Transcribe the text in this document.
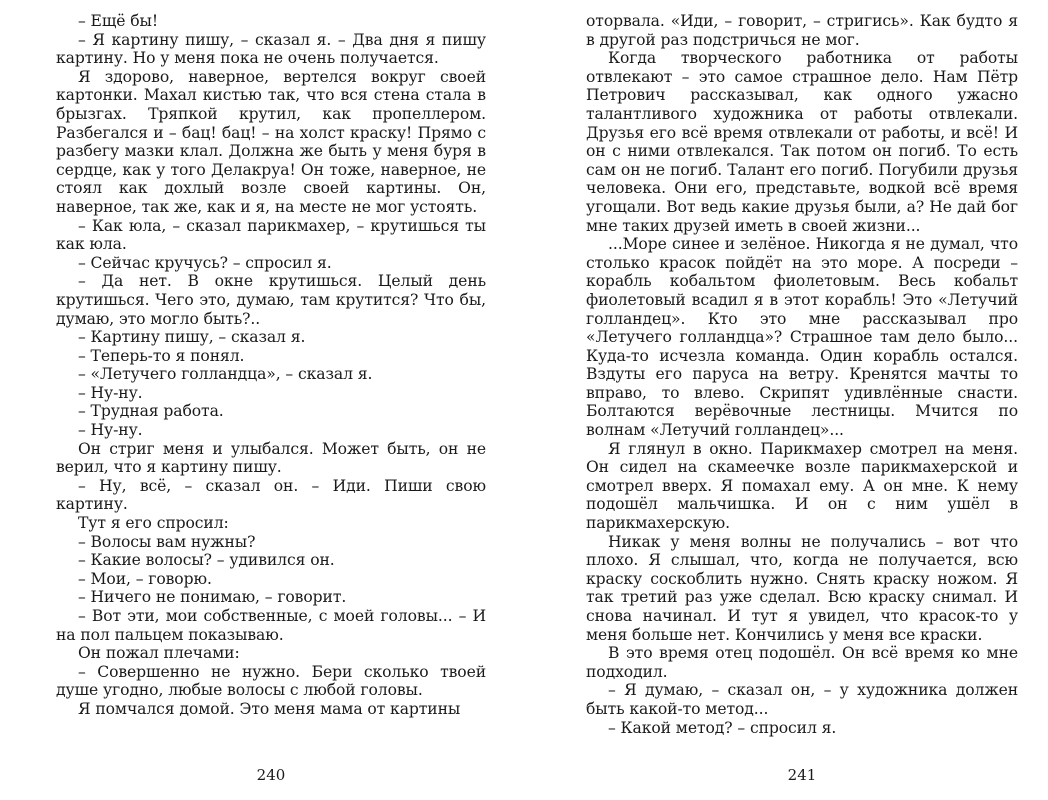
– Ещё бы!

– Я картину пишу, – сказал я. – Два дня я пишу картину. Но у меня пока не очень получается.

Я здорово, наверное, вертелся вокруг своей картонки. Махал кистью так, что вся стена стала в брызгах. Тряпкой крутил, как пропеллером. Разбегался и – бац! бац! – на холст краску! Прямо с разбегу мазки клал. Должна же быть у меня буря в сердце, как у того Делакруа! Он тоже, наверное, не стоял как дохлый возле своей картины. Он, наверное, так же, как и я, на месте не мог устоять.

– Как юла, – сказал парикмахер, – крутишься ты как юла.

– Сейчас кручусь? – спросил я.

– Да нет. В окне крутишься. Целый день крутишься. Чего это, думаю, там крутится? Что бы, думаю, это могло быть?..

– Картину пишу, – сказал я.

– Теперь-то я понял.

– «Летучего голландца», – сказал я.

– Ну-ну.

– Трудная работа.

– Ну-ну.

Он стриг меня и улыбался. Может быть, он не верил, что я картину пишу.

– Ну, всё, – сказал он. – Иди. Пиши свою картину.

Тут я его спросил:

– Волосы вам нужны?

– Какие волосы? – удивился он.

– Мои, – говорю.

– Ничего не понимаю, – говорит.

– Вот эти, мои собственные, с моей головы... – И на пол пальцем показываю.

Он пожал плечами:

– Совершенно не нужно. Бери сколько твоей душе угодно, любые волосы с любой головы.

Я помчался домой. Это меня мама от картины

240

оторвала. «Иди, – говорит, – стригись». Как будто я в другой раз подстричься не мог.

Когда творческого работника от работы отвлекают – это самое страшное дело. Нам Пётр Петрович рассказывал, как одного ужасно талантливого художника от работы отвлекали. Друзья его всё время отвлекали от работы, и всё! И он с ними отвлекался. Так потом он погиб. То есть сам он не погиб. Талант его погиб. Погубили друзья человека. Они его, представьте, водкой всё время угощали. Вот ведь какие друзья были, а? Не дай бог мне таких друзей иметь в своей жизни...

...Море синее и зелёное. Никогда я не думал, что столько красок пойдёт на это море. А посреди – корабль кобальтом фиолетовым. Весь кобальт фиолетовый всадил я в этот корабль! Это «Летучий голландец». Кто это мне рассказывал про «Летучего голландца»? Страшное там дело было... Куда-то исчезла команда. Один корабль остался. Вздуты его паруса на ветру. Кренятся мачты то вправо, то влево. Скрипят удивлённые снасти. Болтаются верёвочные лестницы. Мчится по волнам «Летучий голландец»...

Я глянул в окно. Парикмахер смотрел на меня. Он сидел на скамеечке возле парикмахерской и смотрел вверх. Я помахал ему. А он мне. К нему подошёл мальчишка. И он с ним ушёл в парикмахерскую.

Никак у меня волны не получались – вот что плохо. Я слышал, что, когда не получается, всю краску соскоблить нужно. Снять краску ножом. Я так третий раз уже сделал. Всю краску снимал. И снова начинал. И тут я увидел, что красок-то у меня больше нет. Кончились у меня все краски.

В это время отец подошёл. Он всё время ко мне подходил.

– Я думаю, – сказал он, – у художника должен быть какой-то метод...

– Какой метод? – спросил я.

241
